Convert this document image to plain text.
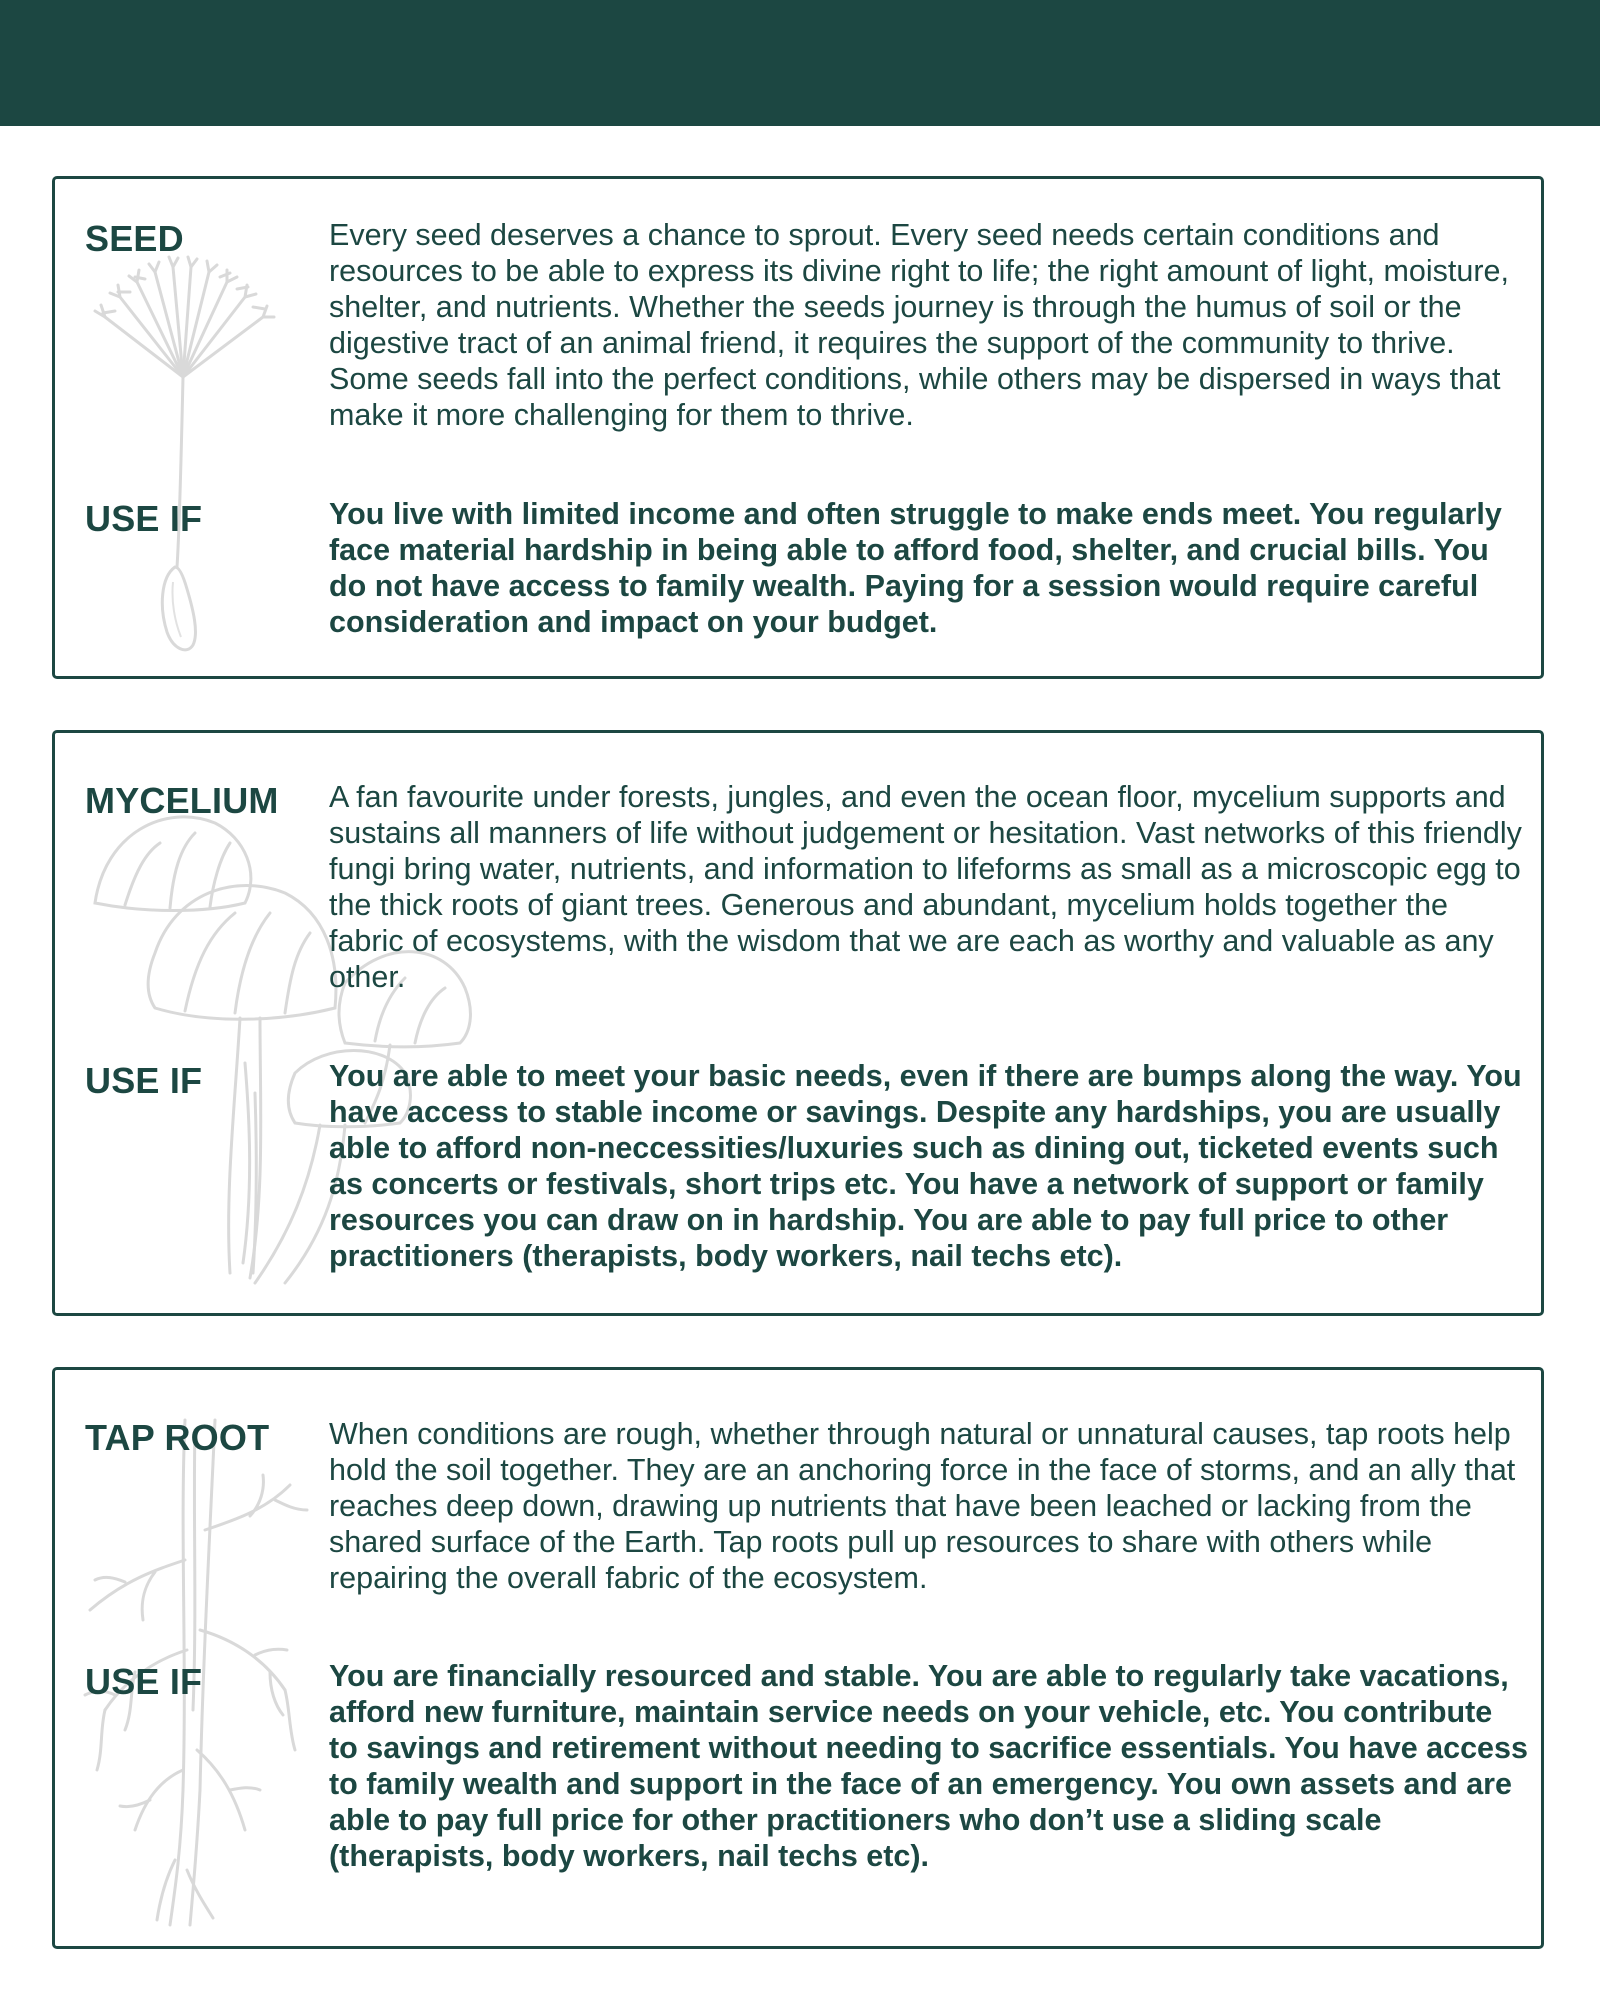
SEED	Every seed deserves a chance to sprout. Every seed needs certain conditions and resources to be able to express its divine right to life; the right amount of light, moisture, shelter, and nutrients. Whether the seeds journey is through the humus of soil or the digestive tract of an animal friend, it requires the support of the community to thrive. Some seeds fall into the perfect conditions, while others may be dispersed in ways that make it more challenging for them to thrive.

USE IF	You live with limited income and often struggle to make ends meet. You regularly face material hardship in being able to afford food, shelter, and crucial bills. You do not have access to family wealth. Paying for a session would require careful consideration and impact on your budget.

MYCELIUM A fan favourite under forests, jungles, and even the ocean floor, mycelium supports and sustains all manners of life without judgement or hesitation. Vast networks of this friendly fungi bring water, nutrients, and information to lifeforms as small as a microscopic egg to the thick roots of giant trees. Generous and abundant, mycelium holds together the fabric of ecosystems, with the wisdom that we are each as worthy and valuable as any other.

USE IF	You are able to meet your basic needs, even if there are bumps along the way. You have access to stable income or savings. Despite any hardships, you are usually able to afford non-neccessities/luxuries such as dining out, ticketed events such as concerts or festivals, short trips etc. You have a network of support or family resources you can draw on in hardship. You are able to pay full price to other practitioners (therapists, body workers, nail techs etc).

TAP ROOT When conditions are rough, whether through natural or unnatural causes, tap roots help hold the soil together. They are an anchoring force in the face of storms, and an ally that reaches deep down, drawing up nutrients that have been leached or lacking from the shared surface of the Earth. Tap roots pull up resources to share with others while repairing the overall fabric of the ecosystem.

USE IF	You are financially resourced and stable. You are able to regularly take vacations, afford new furniture, maintain service needs on your vehicle, etc. You contribute to savings and retirement without needing to sacrifice essentials. You have access to family wealth and support in the face of an emergency. You own assets and are able to pay full price for other practitioners who don’t use a sliding scale (therapists, body workers, nail techs etc).
